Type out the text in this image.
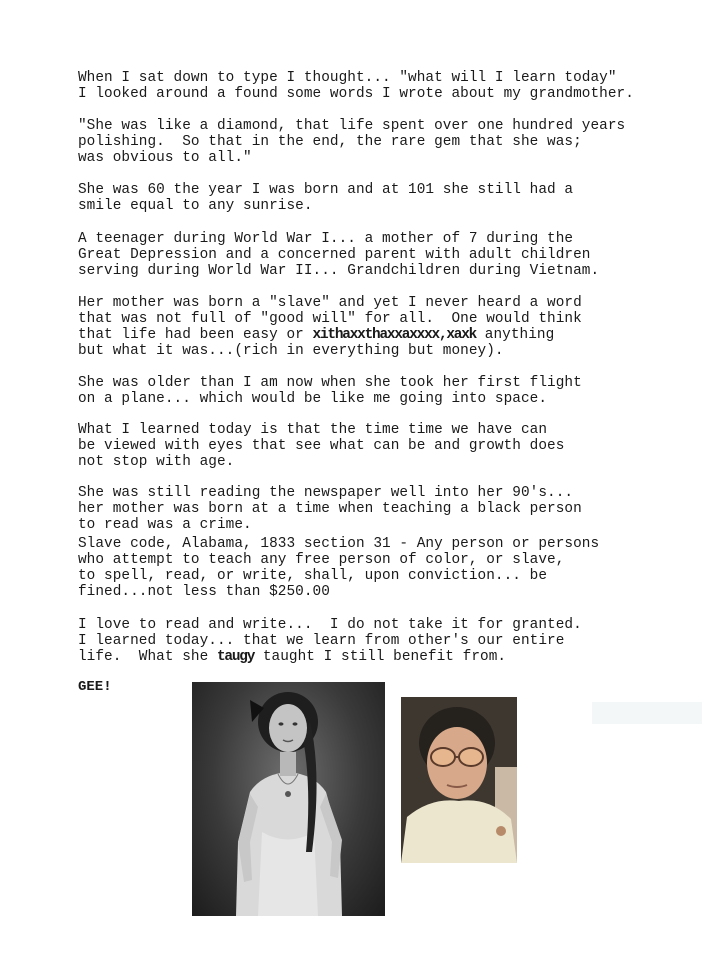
When I sat down to type I thought... "what will I learn today"
I looked around a found some words I wrote about my grandmother.

"She was like a diamond, that life spent over one hundred years
polishing.  So that in the end, the rare gem that she was;
was obvious to all."

She was 60 the year I was born and at 101 she still had a
smile equal to any sunrise.

A teenager during World War I... a mother of 7 during the
Great Depression and a concerned parent with adult children
serving during World War II... Grandchildren during Vietnam.

Her mother was born a "slave" and yet I never heard a word
that was not full of "good will" for all.  One would think
that life had been easy or xithaxxthaxxaxxxx,xaxk anything
but what it was...(rich in everything but money).

She was older than I am now when she took her first flight
on a plane... which would be like me going into space.

What I learned today is that the time time we have can
be viewed with eyes that see what can be and growth does
not stop with age.

She was still reading the newspaper well into her 90's...
her mother was born at a time when teaching a black person
to read was a crime.

Slave code, Alabama, 1833 section 31 - Any person or persons
who attempt to teach any free person of color, or slave,
to spell, read, or write, shall, upon conviction... be
fined...not less than $250.00

I love to read and write...  I do not take it for granted.
I learned today... that we learn from other's our entire
life.  What she taugy taught I still benefit from.

GEE!
